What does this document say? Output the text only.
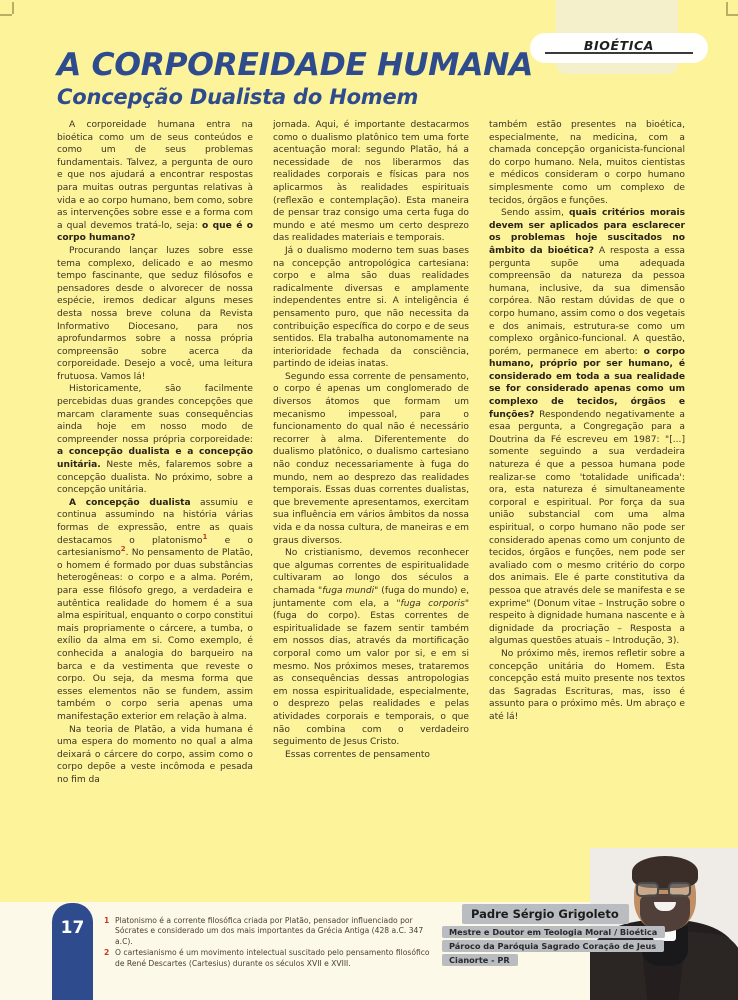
BIOÉTICA
A CORPOREIDADE HUMANA
Concepção Dualista do Homem

A corporeidade humana entra na bioética como um de seus conteúdos e como um de seus problemas fundamentais. Talvez, a pergunta de ouro e que nos ajudará a encontrar respostas para muitas outras perguntas relativas à vida e ao corpo humano, bem como, sobre as intervenções sobre esse e a forma com a qual devemos tratá-lo, seja: o que é o corpo humano?

Procurando lançar luzes sobre esse tema complexo, delicado e ao mesmo tempo fascinante, que seduz filósofos e pensadores desde o alvorecer de nossa espécie, iremos dedicar alguns meses desta nossa breve coluna da Revista Informativo Diocesano, para nos aprofundarmos sobre a nossa própria compreensão sobre acerca da corporeidade. Desejo a você, uma leitura frutuosa. Vamos lá!

Historicamente, são facilmente percebidas duas grandes concepções que marcam claramente suas consequências ainda hoje em nosso modo de compreender nossa própria corporeidade: a concepção dualista e a concepção unitária. Neste mês, falaremos sobre a concepção dualista. No próximo, sobre a concepção unitária.

A concepção dualista assumiu e continua assumindo na história várias formas de expressão, entre as quais destacamos o platonismo$^1$ e o cartesianismo$^2$. No pensamento de Platão, o homem é formado por duas substâncias heterogêneas: o corpo e a alma. Porém, para esse filósofo grego, a verdadeira e autêntica realidade do homem é a sua alma espiritual, enquanto o corpo constitui mais propriamente o cárcere, a tumba, o exílio da alma em si. Como exemplo, é conhecida a analogia do barqueiro na barca e da vestimenta que reveste o corpo. Ou seja, da mesma forma que esses elementos não se fundem, assim também o corpo seria apenas uma manifestação exterior em relação à alma.

Na teoria de Platão, a vida humana é uma espera do momento no qual a alma deixará o cárcere do corpo, assim como o corpo depõe a veste incômoda e pesada no fim da

jornada. Aqui, é importante destacarmos como o dualismo platônico tem uma forte acentuação moral: segundo Platão, há a necessidade de nos liberarmos das realidades corporais e físicas para nos aplicarmos às realidades espirituais (reflexão e contemplação). Esta maneira de pensar traz consigo uma certa fuga do mundo e até mesmo um certo desprezo das realidades materiais e temporais.

Já o dualismo moderno tem suas bases na concepção antropológica cartesiana: corpo e alma são duas realidades radicalmente diversas e amplamente independentes entre si. A inteligência é pensamento puro, que não necessita da contribuição específica do corpo e de seus sentidos. Ela trabalha autonomamente na interioridade fechada da consciência, partindo de ideias inatas.

Segundo essa corrente de pensamento, o corpo é apenas um conglomerado de diversos átomos que formam um mecanismo impessoal, para o funcionamento do qual não é necessário recorrer à alma. Diferentemente do dualismo platônico, o dualismo cartesiano não conduz necessariamente à fuga do mundo, nem ao desprezo das realidades temporais. Essas duas correntes dualistas, que brevemente apresentamos, exercitam sua influência em vários âmbitos da nossa vida e da nossa cultura, de maneiras e em graus diversos.

No cristianismo, devemos reconhecer que algumas correntes de espiritualidade cultivaram ao longo dos séculos a chamada "fuga mundi" (fuga do mundo) e, juntamente com ela, a "fuga corporis" (fuga do corpo). Estas correntes de espiritualidade se fazem sentir também em nossos dias, através da mortificação corporal como um valor por si, e em si mesmo. Nos próximos meses, trataremos as consequências dessas antropologias em nossa espiritualidade, especialmente, o desprezo pelas realidades e pelas atividades corporais e temporais, o que não combina com o verdadeiro seguimento de Jesus Cristo.

Essas correntes de pensamento

também estão presentes na bioética, especialmente, na medicina, com a chamada concepção organicista-funcional do corpo humano. Nela, muitos cientistas e médicos consideram o corpo humano simplesmente como um complexo de tecidos, órgãos e funções.

Sendo assim, quais critérios morais devem ser aplicados para esclarecer os problemas hoje suscitados no âmbito da bioética? A resposta a essa pergunta supõe uma adequada compreensão da natureza da pessoa humana, inclusive, da sua dimensão corpórea. Não restam dúvidas de que o corpo humano, assim como o dos vegetais e dos animais, estrutura-se como um complexo orgânico-funcional. A questão, porém, permanece em aberto: o corpo humano, próprio por ser humano, é considerado em toda a sua realidade se for considerado apenas como um complexo de tecidos, órgãos e funções? Respondendo negativamente a esaa pergunta, a Congregação para a Doutrina da Fé escreveu em 1987: "[...] somente seguindo a sua verdadeira natureza é que a pessoa humana pode realizar-se como 'totalidade unificada': ora, esta natureza é simultaneamente corporal e espiritual. Por força da sua união substancial com uma alma espiritual, o corpo humano não pode ser considerado apenas como um conjunto de tecidos, órgãos e funções, nem pode ser avaliado com o mesmo critério do corpo dos animais. Ele é parte constitutiva da pessoa que através dele se manifesta e se exprime" (Donum vitae – Instrução sobre o respeito à dignidade humana nascente e à dignidade da procriação – Resposta a algumas questões atuais – Introdução, 3).

No próximo mês, iremos refletir sobre a concepção unitária do Homem. Esta concepção está muito presente nos textos das Sagradas Escrituras, mas, isso é assunto para o próximo mês. Um abraço e até lá!

17	1 Platonismo é a corrente filosófica criada por Platão, pensador influenciado por Sócrates e considerado um dos mais importantes da Grécia Antiga (428 a.C. 347 a.C).
2 O cartesianismo é um movimento intelectual suscitado pelo pensamento filosófico de René Descartes (Cartesius) durante os séculos XVII e XVIII.
Padre Sérgio Grigoleto
Mestre e Doutor em Teologia Moral / Bioética
Pároco da Paróquia Sagrado Coração de Jeus
Cianorte - PR
